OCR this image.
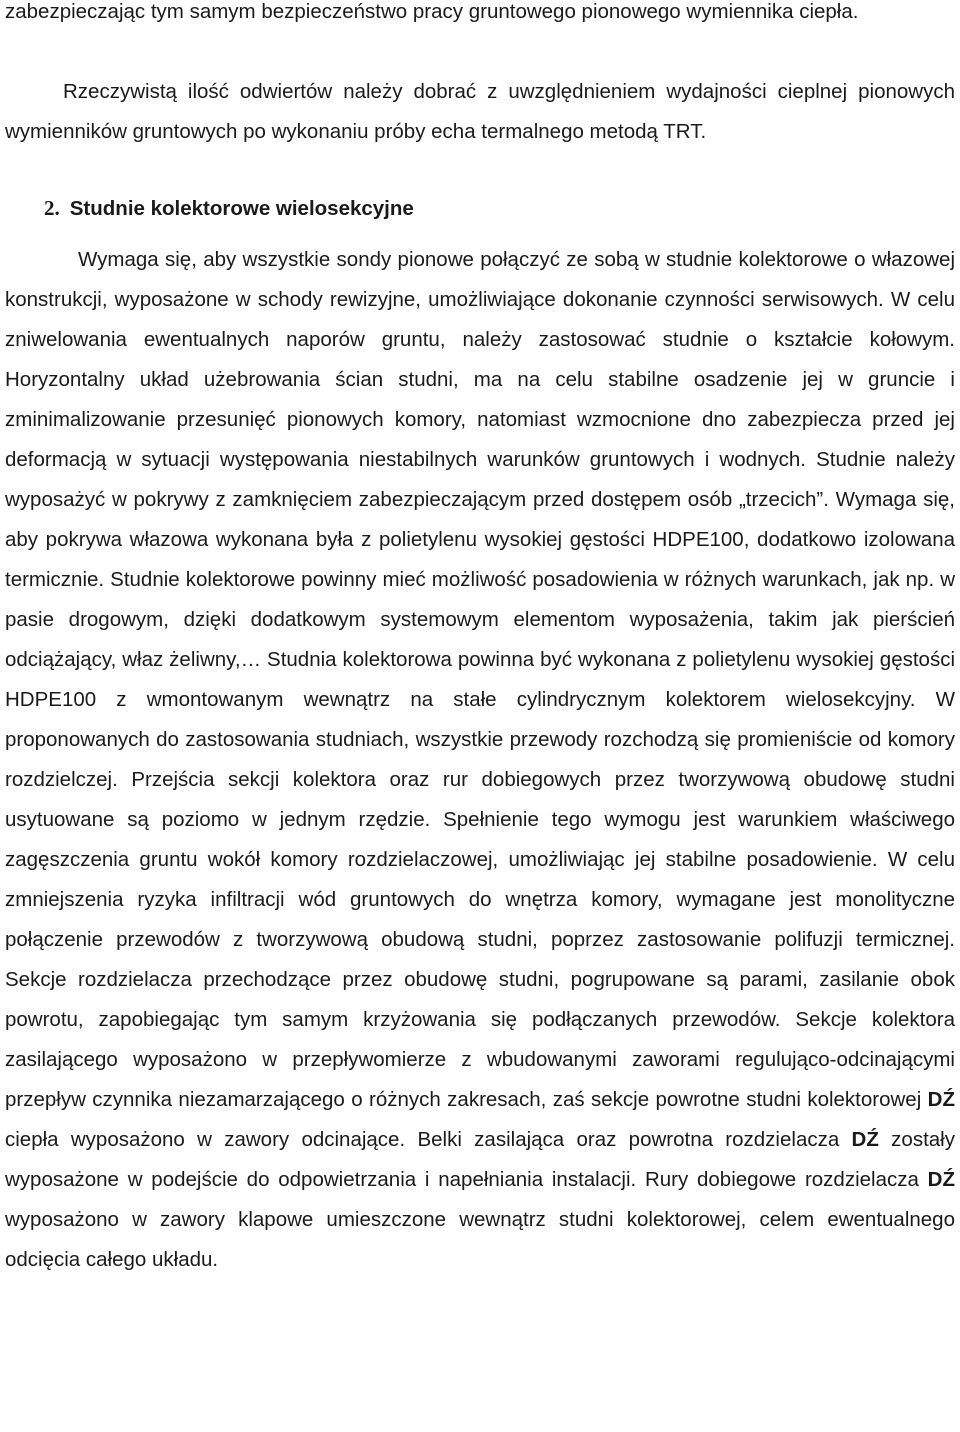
zabezpieczając tym samym bezpieczeństwo pracy gruntowego pionowego wymiennika ciepła.

Rzeczywistą ilość odwiertów należy dobrać z uwzględnieniem wydajności cieplnej pionowych wymienników gruntowych po wykonaniu próby echa termalnego metodą TRT.

2. Studnie kolektorowe wielosekcyjne

Wymaga się, aby wszystkie sondy pionowe połączyć ze sobą w studnie kolektorowe o włazowej konstrukcji, wyposażone w schody rewizyjne, umożliwiające dokonanie czynności serwisowych. W celu zniwelowania ewentualnych naporów gruntu, należy zastosować studnie o kształcie kołowym. Horyzontalny układ użebrowania ścian studni, ma na celu stabilne osadzenie jej w gruncie i zminimalizowanie przesunięć pionowych komory, natomiast wzmocnione dno zabezpiecza przed jej deformacją w sytuacji występowania niestabilnych warunków gruntowych i wodnych. Studnie należy wyposażyć w pokrywy z zamknięciem zabezpieczającym przed dostępem osób „trzecich”. Wymaga się, aby pokrywa włazowa wykonana była z polietylenu wysokiej gęstości HDPE100, dodatkowo izolowana termicznie. Studnie kolektorowe powinny mieć możliwość posadowienia w różnych warunkach, jak np. w pasie drogowym, dzięki dodatkowym systemowym elementom wyposażenia, takim jak pierścień odciążający, właz żeliwny,… Studnia kolektorowa powinna być wykonana z polietylenu wysokiej gęstości HDPE100 z wmontowanym wewnątrz na stałe cylindrycznym kolektorem wielosekcyjny. W proponowanych do zastosowania studniach, wszystkie przewody rozchodzą się promieniście od komory rozdzielczej. Przejścia sekcji kolektora oraz rur dobiegowych przez tworzywową obudowę studni usytuowane są poziomo w jednym rzędzie. Spełnienie tego wymogu jest warunkiem właściwego zagęszczenia gruntu wokół komory rozdzielaczowej, umożliwiając jej stabilne posadowienie. W celu zmniejszenia ryzyka infiltracji wód gruntowych do wnętrza komory, wymagane jest monolityczne połączenie przewodów z tworzywową obudową studni, poprzez zastosowanie polifuzji termicznej. Sekcje rozdzielacza przechodzące przez obudowę studni, pogrupowane są parami, zasilanie obok powrotu, zapobiegając tym samym krzyżowania się podłączanych przewodów. Sekcje kolektora zasilającego wyposażono w przepływomierze z wbudowanymi zaworami regulująco-odcinającymi przepływ czynnika niezamarzającego o różnych zakresach, zaś sekcje powrotne studni kolektorowej DŹ ciepła wyposażono w zawory odcinające. Belki zasilająca oraz powrotna rozdzielacza DŹ zostały wyposażone w podejście do odpowietrzania i napełniania instalacji. Rury dobiegowe rozdzielacza DŹ wyposażono w zawory klapowe umieszczone wewnątrz studni kolektorowej, celem ewentualnego odcięcia całego układu.
